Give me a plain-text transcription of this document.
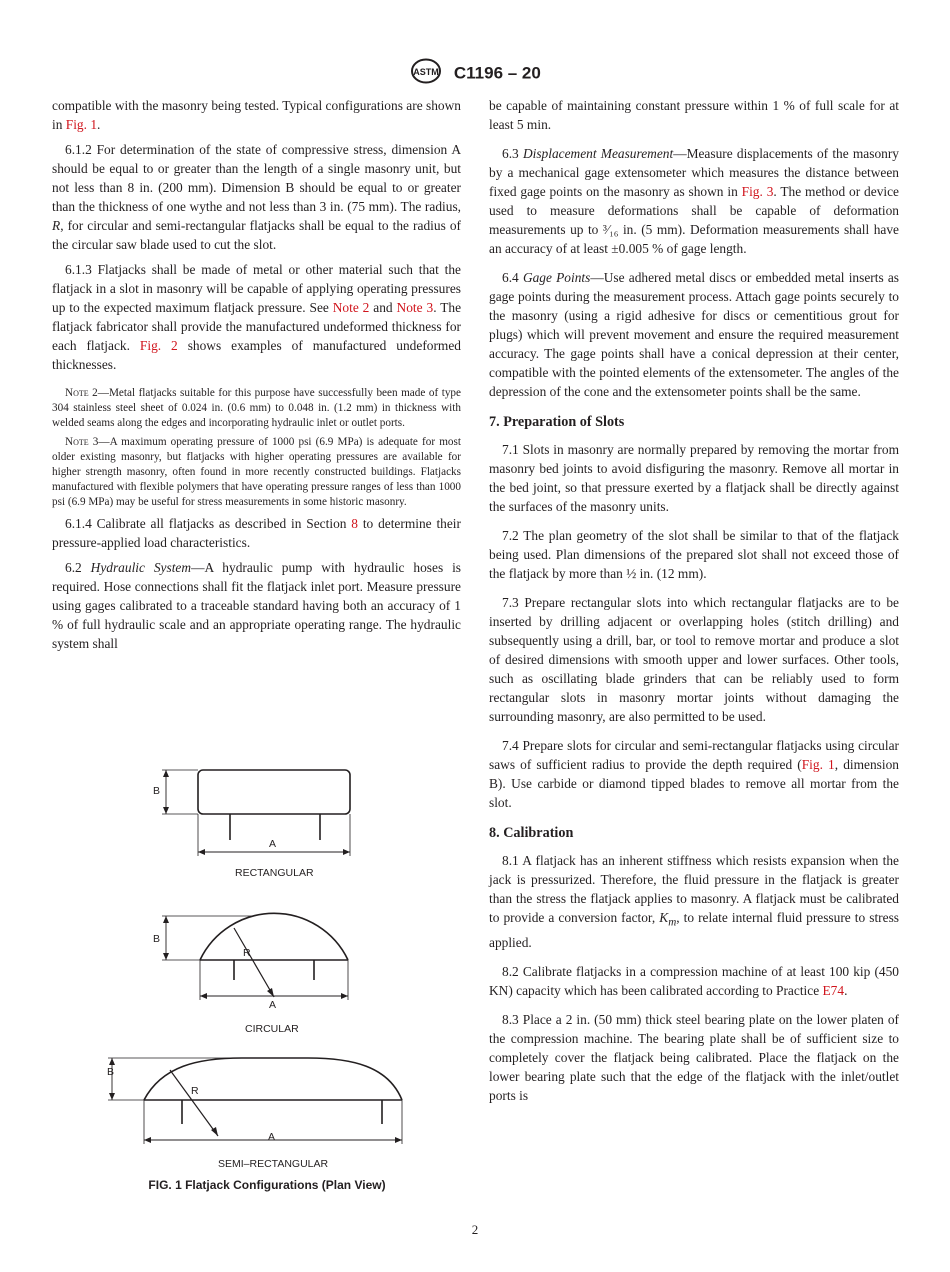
ASTM C1196 – 20

compatible with the masonry being tested. Typical configurations are shown in Fig. 1.

6.1.2 For determination of the state of compressive stress, dimension A should be equal to or greater than the length of a single masonry unit, but not less than 8 in. (200 mm). Dimension B should be equal to or greater than the thickness of one wythe and not less than 3 in. (75 mm). The radius, R, for circular and semi-rectangular flatjacks shall be equal to the radius of the circular saw blade used to cut the slot.

6.1.3 Flatjacks shall be made of metal or other material such that the flatjack in a slot in masonry will be capable of applying operating pressures up to the expected maximum flatjack pressure. See Note 2 and Note 3. The flatjack fabricator shall provide the manufactured undeformed thickness for each flatjack. Fig. 2 shows examples of manufactured undeformed thicknesses.

Note 2—Metal flatjacks suitable for this purpose have successfully been made of type 304 stainless steel sheet of 0.024 in. (0.6 mm) to 0.048 in. (1.2 mm) in thickness with welded seams along the edges and incorporating hydraulic inlet or outlet ports.
Note 3—A maximum operating pressure of 1000 psi (6.9 MPa) is adequate for most older existing masonry, but flatjacks with higher operating pressures are available for higher strength masonry, often found in more recently constructed buildings. Flatjacks manufactured with flexible polymers that have operating pressure ranges of less than 1000 psi (6.9 MPa) may be useful for stress measurements in some historic masonry.

6.1.4 Calibrate all flatjacks as described in Section 8 to determine their pressure-applied load characteristics.

6.2 Hydraulic System—A hydraulic pump with hydraulic hoses is required. Hose connections shall fit the flatjack inlet port. Measure pressure using gages calibrated to a traceable standard having both an accuracy of 1 % of full hydraulic scale and an appropriate operating range. The hydraulic system shall

B
A
RECTANGULAR
B
R
A
CIRCULAR
B
R
A
SEMI–RECTANGULAR
FIG. 1 Flatjack Configurations (Plan View)

be capable of maintaining constant pressure within 1 % of full scale for at least 5 min.

6.3 Displacement Measurement—Measure displacements of the masonry by a mechanical gage extensometer which measures the distance between fixed gage points on the masonry as shown in Fig. 3. The method or device used to measure deformations shall be capable of deformation measurements up to ³⁄₁₆ in. (5 mm). Deformation measurements shall have an accuracy of at least ±0.005 % of gage length.

6.4 Gage Points—Use adhered metal discs or embedded metal inserts as gage points during the measurement process. Attach gage points securely to the masonry (using a rigid adhesive for discs or cementitious grout for plugs) which will prevent movement and ensure the required measurement accuracy. The gage points shall have a conical depression at their center, compatible with the pointed elements of the extensometer. The angles of the depression of the cone and the extensometer points shall be the same.

7. Preparation of Slots

7.1 Slots in masonry are normally prepared by removing the mortar from masonry bed joints to avoid disfiguring the masonry. Remove all mortar in the bed joint, so that pressure exerted by a flatjack shall be directly against the surfaces of the masonry units.

7.2 The plan geometry of the slot shall be similar to that of the flatjack being used. Plan dimensions of the prepared slot shall not exceed those of the flatjack by more than ½ in. (12 mm).

7.3 Prepare rectangular slots into which rectangular flatjacks are to be inserted by drilling adjacent or overlapping holes (stitch drilling) and subsequently using a drill, bar, or tool to remove mortar and produce a slot of desired dimensions with smooth upper and lower surfaces. Other tools, such as oscillating blade grinders that can be reliably used to form rectangular slots in masonry mortar joints without damaging the surrounding masonry, are also permitted to be used.

7.4 Prepare slots for circular and semi-rectangular flatjacks using circular saws of sufficient radius to provide the depth required (Fig. 1, dimension B). Use carbide or diamond tipped blades to remove all mortar from the slot.

8. Calibration

8.1 A flatjack has an inherent stiffness which resists expansion when the jack is pressurized. Therefore, the fluid pressure in the flatjack is greater than the stress the flatjack applies to masonry. A flatjack must be calibrated to provide a conversion factor, $K_m$, to relate internal fluid pressure to stress applied.

8.2 Calibrate flatjacks in a compression machine of at least 100 kip (450 KN) capacity which has been calibrated according to Practice E74.

8.3 Place a 2 in. (50 mm) thick steel bearing plate on the lower platen of the compression machine. The bearing plate shall be of sufficient size to completely cover the flatjack being calibrated. Place the flatjack on the lower bearing plate such that the edge of the flatjack with the inlet/outlet ports is

2
